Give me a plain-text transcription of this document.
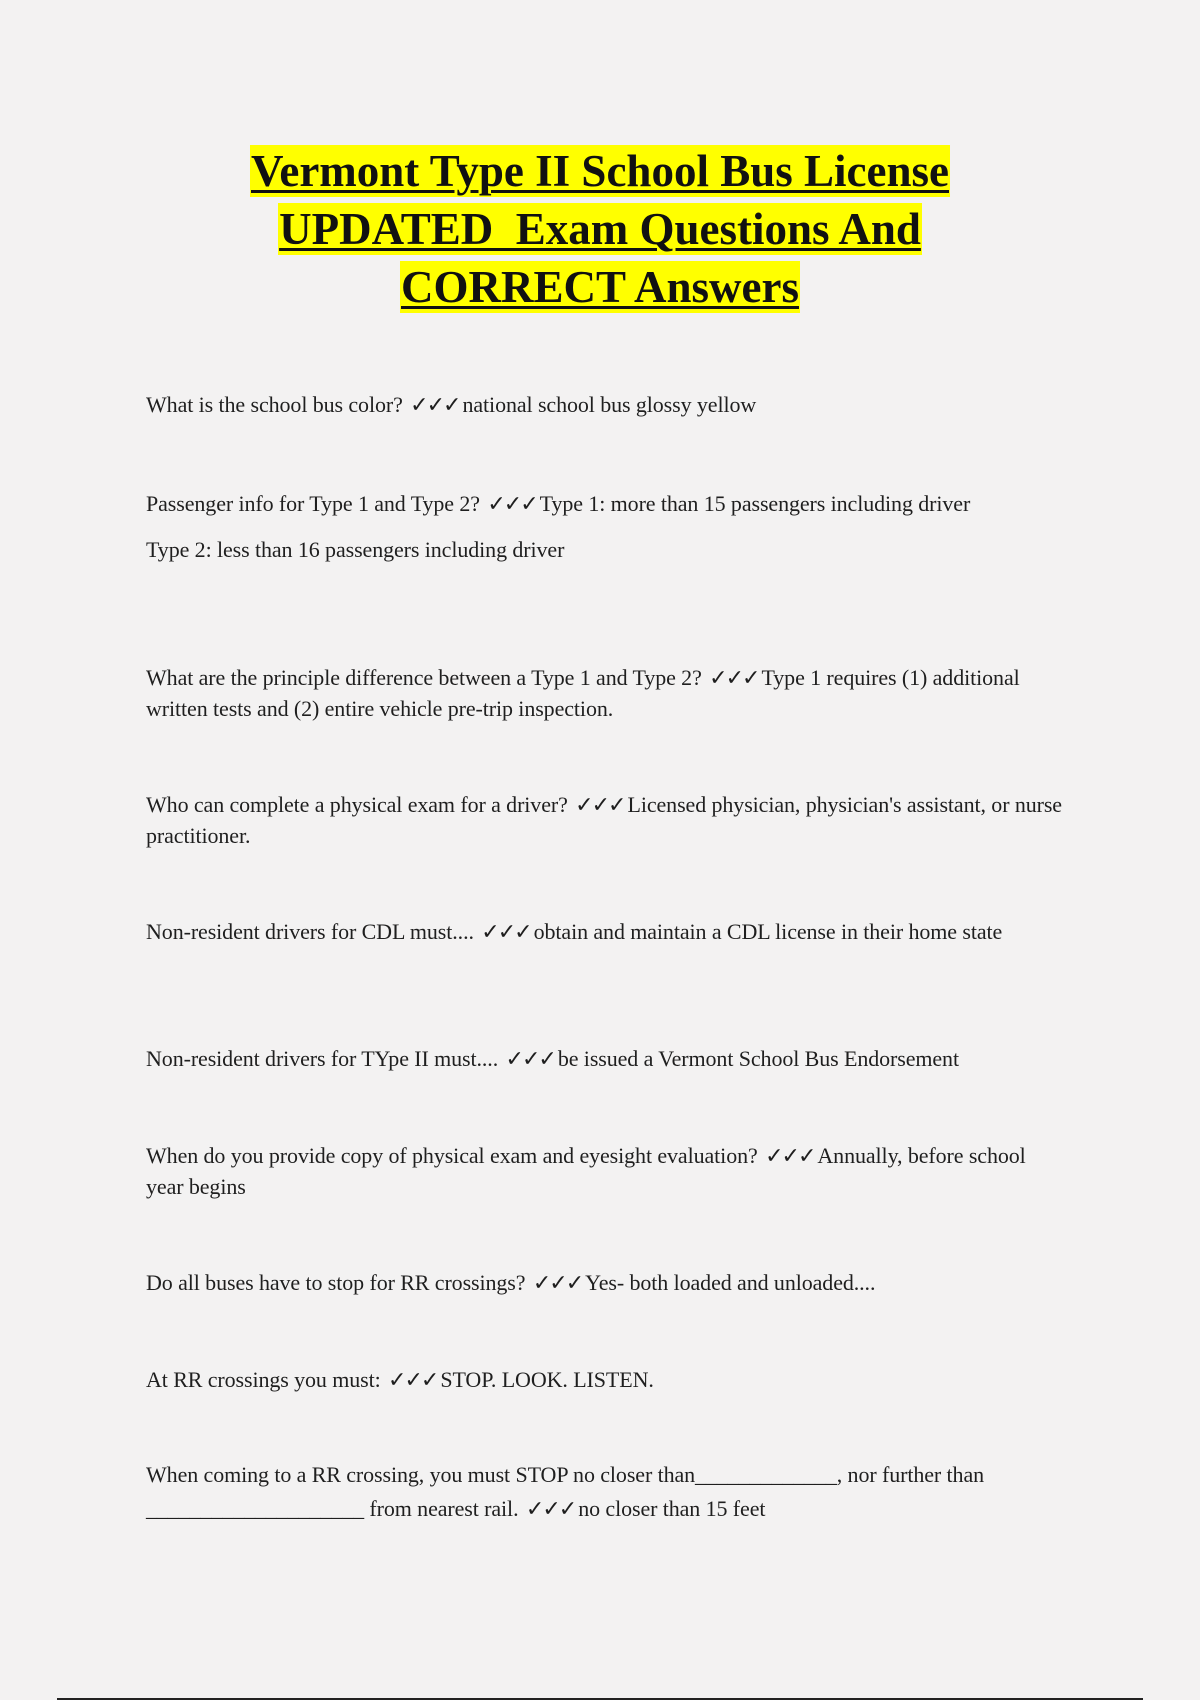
Vermont Type II School Bus License
UPDATED  Exam Questions And
CORRECT Answers

What is the school bus color? ✓✓✓ national school bus glossy yellow

Passenger info for Type 1 and Type 2? ✓✓✓ Type 1: more than 15 passengers including driver

Type 2: less than 16 passengers including driver

What are the principle difference between a Type 1 and Type 2? ✓✓✓ Type 1 requires (1) additional written tests and (2) entire vehicle pre-trip inspection.

Who can complete a physical exam for a driver? ✓✓✓ Licensed physician, physician's assistant, or nurse practitioner.

Non-resident drivers for CDL must.... ✓✓✓ obtain and maintain a CDL license in their home state

Non-resident drivers for TYpe II must.... ✓✓✓ be issued a Vermont School Bus Endorsement

When do you provide copy of physical exam and eyesight evaluation? ✓✓✓ Annually, before school year begins

Do all buses have to stop for RR crossings? ✓✓✓ Yes- both loaded and unloaded....

At RR crossings you must: ✓✓✓ STOP. LOOK. LISTEN.

When coming to a RR crossing, you must STOP no closer than_____________, nor further than ____________________ from nearest rail. ✓✓✓ no closer than 15 feet
